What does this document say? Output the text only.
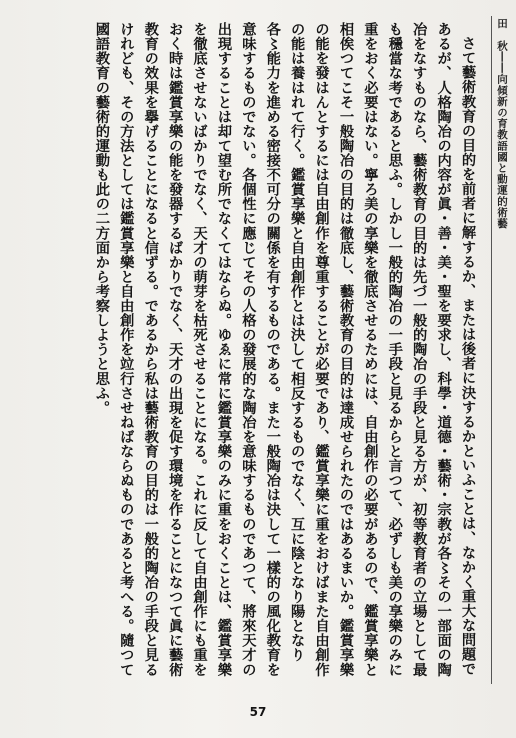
田　秋――向傾新の育教語國と動運的術藝

さて藝術教育の目的を前者に解するか、または後者に決するかといふことは、なかく重大な問題であるが、人格陶冶の内容が眞・善・美・聖を要求し、科學・道德・藝術・宗教が各〻その一部面の陶冶をなすものなら、藝術教育の目的は先づ一般的陶冶の手段と見る方が、初等教育者の立場として最も穩當な考であると思ふ。しかし一般的陶冶の一手段と見るからと言つて、必ずしも美の享樂のみに重をおく必要はない。寧ろ美の享樂を徹底させるためには、自由創作の必要があるので、鑑賞享樂と相俟つてこそ一般陶冶の目的は徹底し、藝術教育の目的は達成せられたのではあるまいか。鑑賞享樂の能を發はんとするには自由創作を尊重することが必要であり、鑑賞享樂に重をおけばまた自由創作の能は養はれて行く。鑑賞享樂と自由創作とは決して相反するものでなく、互に陰となり陽となり各〻能力を進める密接不可分の關係を有するものである。また一般陶冶は決して一樣的の風化教育を意味するものでない。各個性に應じてその人格の發展的な陶冶を意味するものであつて、將來天才の出現することは却て望む所でなくてはならぬ。ゆゑに常に鑑賞享樂のみに重をおくことは、鑑賞享樂を徹底させないばかりでなく、天才の萌芽を枯死させることになる。これに反して自由創作にも重をおく時は鑑賞享樂の能を發器するばかりでなく、天才の出現を促す環境を作ることになつて眞に藝術教育の效果を擧げることになると信ずる。であるから私は藝術教育の目的は一般的陶冶の手段と見るけれども、その方法としては鑑賞享樂と自由創作を竝行させねばならぬものであると考へる。隨つて國語教育の藝術的運動も此の二方面から考察しようと思ふ。

57
